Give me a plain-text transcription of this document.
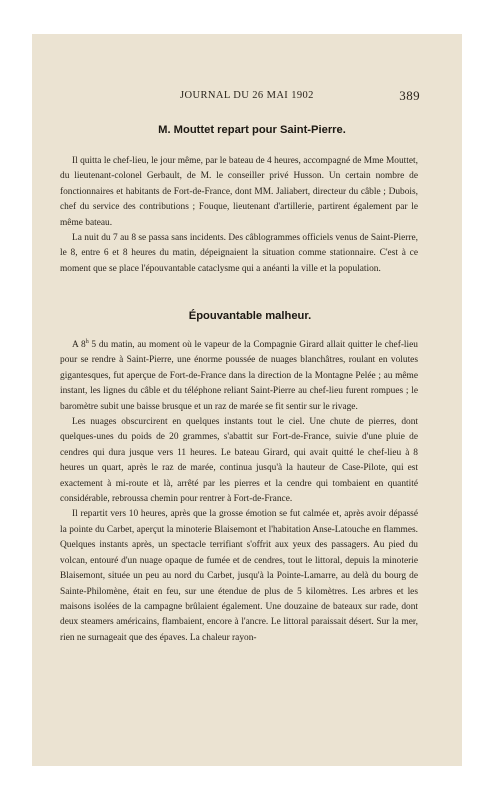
JOURNAL DU 26 MAI 1902	389
M. Mouttet repart pour Saint-Pierre.

Il quitta le chef-lieu, le jour même, par le bateau de 4 heures, accompagné de Mme Mouttet, du lieutenant-colonel Gerbault, de M. le conseiller privé Husson. Un certain nombre de fonctionnaires et habitants de Fort-de-France, dont MM. Jaliabert, directeur du câble ; Dubois, chef du service des contributions ; Fouque, lieutenant d'artillerie, partirent également par le même bateau.

La nuit du 7 au 8 se passa sans incidents. Des câblogrammes officiels venus de Saint-Pierre, le 8, entre 6 et 8 heures du matin, dépeignaient la situation comme stationnaire. C'est à ce moment que se place l'épouvantable cataclysme qui a anéanti la ville et la population.

Épouvantable malheur.

A 8$^h$ 5 du matin, au moment où le vapeur de la Compagnie Girard allait quitter le chef-lieu pour se rendre à Saint-Pierre, une énorme poussée de nuages blanchâtres, roulant en volutes gigantesques, fut aperçue de Fort-de-France dans la direction de la Montagne Pelée ; au même instant, les lignes du câble et du téléphone reliant Saint-Pierre au chef-lieu furent rompues ; le baromètre subit une baisse brusque et un raz de marée se fit sentir sur le rivage.

Les nuages obscurcirent en quelques instants tout le ciel. Une chute de pierres, dont quelques-unes du poids de 20 grammes, s'abattit sur Fort-de-France, suivie d'une pluie de cendres qui dura jusque vers 11 heures. Le bateau Girard, qui avait quitté le chef-lieu à 8 heures un quart, après le raz de marée, continua jusqu'à la hauteur de Case-Pilote, qui est exactement à mi-route et là, arrêté par les pierres et la cendre qui tombaient en quantité considérable, rebroussa chemin pour rentrer à Fort-de-France.

Il repartit vers 10 heures, après que la grosse émotion se fut calmée et, après avoir dépassé la pointe du Carbet, aperçut la minoterie Blaisemont et l'habitation Anse-Latouche en flammes. Quelques instants après, un spectacle terrifiant s'offrit aux yeux des passagers. Au pied du volcan, entouré d'un nuage opaque de fumée et de cendres, tout le littoral, depuis la minoterie Blaisemont, située un peu au nord du Carbet, jusqu'à la Pointe-Lamarre, au delà du bourg de Sainte-Philomène, était en feu, sur une étendue de plus de 5 kilomètres. Les arbres et les maisons isolées de la campagne brûlaient également. Une douzaine de bateaux sur rade, dont deux steamers américains, flambaient, encore à l'ancre. Le littoral paraissait désert. Sur la mer, rien ne surnageait que des épaves. La chaleur rayon-
